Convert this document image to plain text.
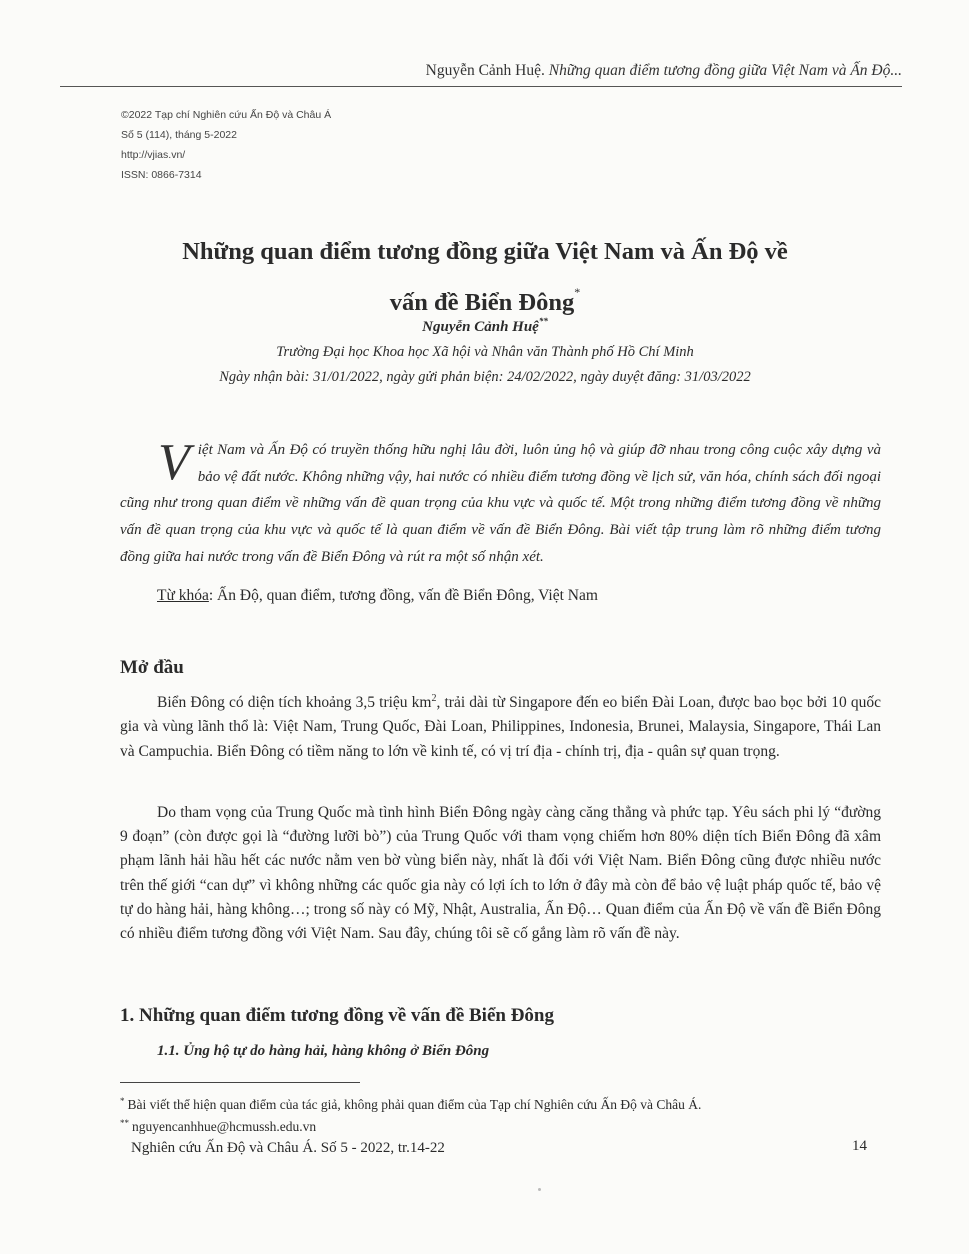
Nguyễn Cảnh Huệ. Những quan điểm tương đồng giữa Việt Nam và Ấn Độ...
©2022 Tạp chí Nghiên cứu Ấn Độ và Châu Á
Số 5 (114), tháng 5-2022
http://vjias.vn/
ISSN: 0866-7314
Những quan điểm tương đồng giữa Việt Nam và Ấn Độ về
vấn đề Biển Đông*
Nguyễn Cảnh Huệ**
Trường Đại học Khoa học Xã hội và Nhân văn Thành phố Hồ Chí Minh
Ngày nhận bài: 31/01/2022, ngày gửi phản biện: 24/02/2022, ngày duyệt đăng: 31/03/2022
Việt Nam và Ấn Độ có truyền thống hữu nghị lâu đời, luôn ủng hộ và giúp đỡ nhau trong công cuộc xây dựng và bảo vệ đất nước. Không những vậy, hai nước có nhiều điểm tương đồng về lịch sử, văn hóa, chính sách đối ngoại cũng như trong quan điểm về những vấn đề quan trọng của khu vực và quốc tế. Một trong những điểm tương đồng về những vấn đề quan trọng của khu vực và quốc tế là quan điểm về vấn đề Biển Đông. Bài viết tập trung làm rõ những điểm tương đồng giữa hai nước trong vấn đề Biển Đông và rút ra một số nhận xét.
Từ khóa: Ấn Độ, quan điểm, tương đồng, vấn đề Biển Đông, Việt Nam
Mở đầu
Biển Đông có diện tích khoảng 3,5 triệu $km^2$, trải dài từ Singapore đến eo biển Đài Loan, được bao bọc bởi 10 quốc gia và vùng lãnh thổ là: Việt Nam, Trung Quốc, Đài Loan, Philippines, Indonesia, Brunei, Malaysia, Singapore, Thái Lan và Campuchia. Biển Đông có tiềm năng to lớn về kinh tế, có vị trí địa - chính trị, địa - quân sự quan trọng.
Do tham vọng của Trung Quốc mà tình hình Biển Đông ngày càng căng thẳng và phức tạp. Yêu sách phi lý “đường 9 đoạn” (còn được gọi là “đường lưỡi bò”) của Trung Quốc với tham vọng chiếm hơn 80% diện tích Biển Đông đã xâm phạm lãnh hải hầu hết các nước nằm ven bờ vùng biển này, nhất là đối với Việt Nam. Biển Đông cũng được nhiều nước trên thế giới “can dự” vì không những các quốc gia này có lợi ích to lớn ở đây mà còn để bảo vệ luật pháp quốc tế, bảo vệ tự do hàng hải, hàng không…; trong số này có Mỹ, Nhật, Australia, Ấn Độ… Quan điểm của Ấn Độ về vấn đề Biển Đông có nhiều điểm tương đồng với Việt Nam. Sau đây, chúng tôi sẽ cố gắng làm rõ vấn đề này.
1. Những quan điểm tương đồng về vấn đề Biển Đông
1.1. Ủng hộ tự do hàng hải, hàng không ở Biển Đông
* Bài viết thể hiện quan điểm của tác giả, không phải quan điểm của Tạp chí Nghiên cứu Ấn Độ và Châu Á.
** nguyencanhhue@hcmussh.edu.vn
Nghiên cứu Ấn Độ và Châu Á. Số 5 - 2022, tr.14-22	14
